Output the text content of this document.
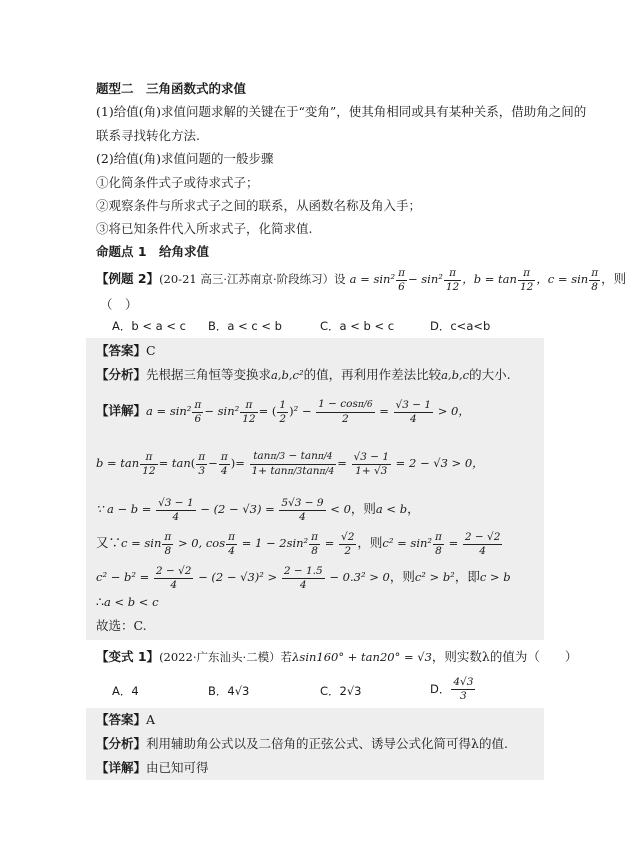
题型二　三角函数式的求值
(1)给值(角)求值问题求解的关键在于“变角”，使其角相同或具有某种关系，借助角之间的
联系寻找转化方法.
(2)给值(角)求值问题的一般步骤
①化简条件式子或待求式子；
②观察条件与所求式子之间的联系，从函数名称及角入手；
③将已知条件代入所求式子，化简求值.
命题点 1　给角求值
【例题 2】(20-21 高三·江苏南京·阶段练习）设 $a = \sin^2 \frac{\pi}{6} - \sin^2 \frac{\pi}{12}$ ，$b = \tan \frac{\pi}{12}$ ，$c = \sin \frac{\pi}{8}$ ，则
（　）
A．b < a < c B．a < c < b	C．a < b < c	D．c<a<b
【答案】C
【分析】先根据三角恒等变换求a,b,c²的值，再利用作差法比较a,b,c的大小.
【详解】$a = \sin^2 \frac{\pi}{6} - \sin^2 \frac{\pi}{12}$ = ( $\frac{1}{2} )^2 - \frac{1 - \cos\pi/6}{2} = \frac{√3 - 1}{4} > 0$，
$b = \tan \frac{\pi}{12} = \tan( \frac{\pi}{3} - \frac{\pi}{4}$ )= $\frac{\tan\pi/3 - \tan\pi/4}{1+ \tan\pi/3\tan\pi/4} = \frac{√3 - 1}{1+ √3} = 2 - √3 > 0$，
∵ $a - b = \frac{√3 - 1}{4} - (2 - √3) = \frac{5√3 - 9}{4} < 0$，则a < b，
又∵c = $\sin \frac{\pi}{8} > 0$, $\cos \frac{\pi}{4} = 1 - 2\sin^2 \frac{\pi}{8} = \frac{√2}{2}$ ，则$c^2 = \sin^2 \frac{\pi}{8} = \frac{2 - √2}{4}$
$c^2 - b^2 = \frac{2 - √2}{4} - (2 - √3)^2 > \frac{2 - 1.5}{4} - 0.3^2 > 0$，则c² > b²，即c > b
∴a < b < c
故选：C.
【变式 1】(2022·广东汕头·二模）若λsin160° + tan20° = √3，则实数λ的值为（　　）
A．4	B．4√3	C．2√3	D． $\frac{4√3}{3}$
【答案】A
【分析】利用辅助角公式以及二倍角的正弦公式、诱导公式化简可得λ的值.
【详解】由已知可得
